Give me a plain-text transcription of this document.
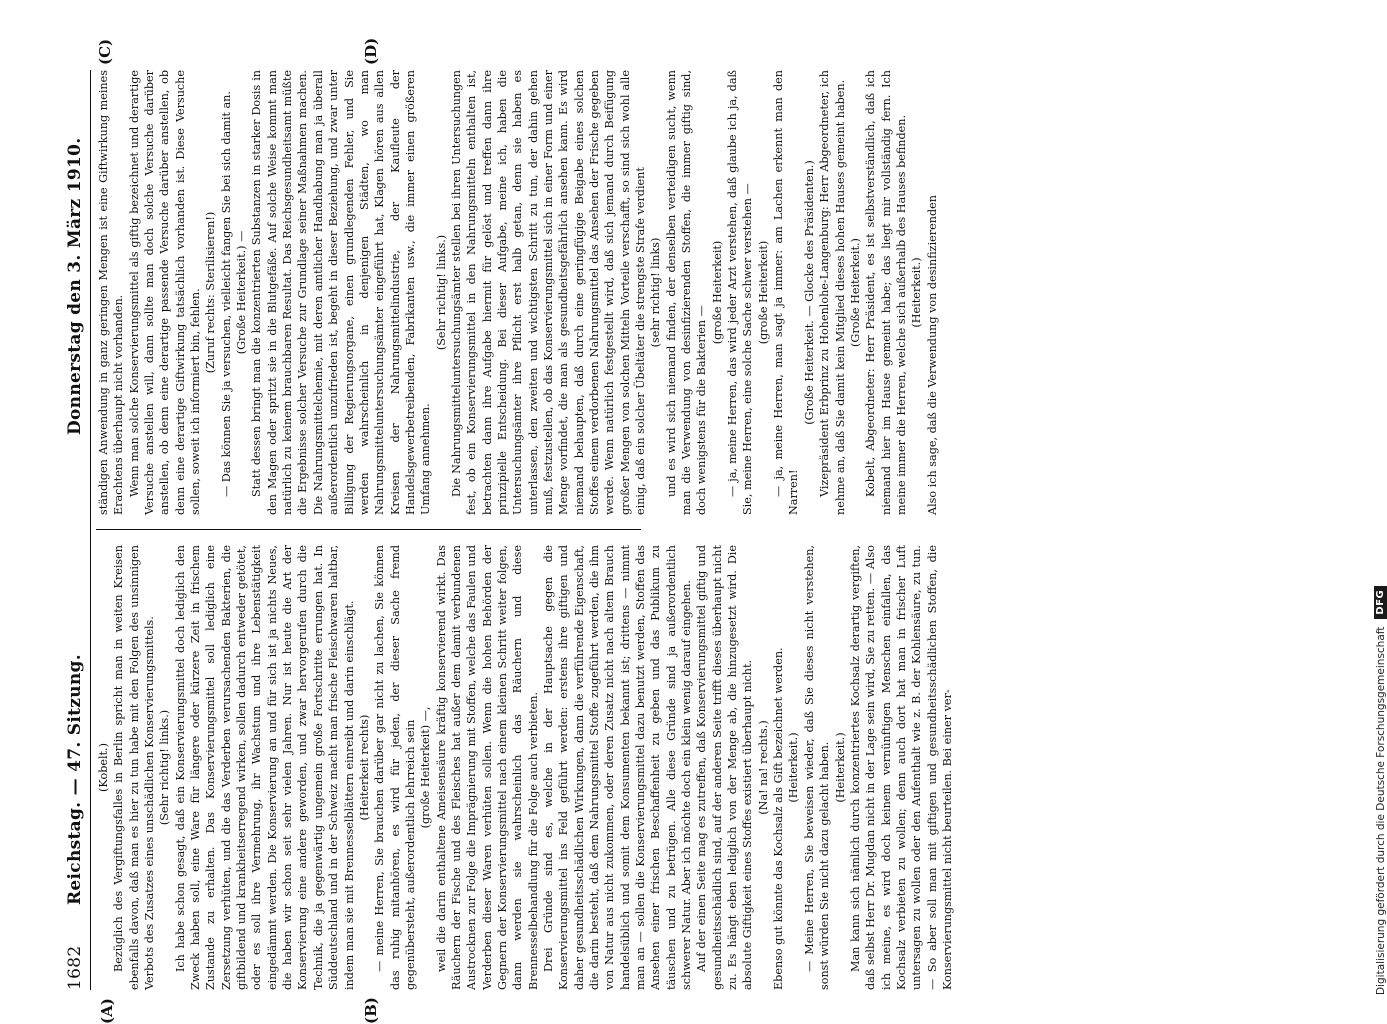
1682
Reichstag. — 47. Sitzung.
Donnerstag den 3. März 1910.
(A)	(B)
(C)	(D)

(Kobelt.) Bezüglich des Vergiftungsfalles in Berlin spricht man in weiten Kreisen ebenfalls davon, daß man es hier zu tun habe mit den Folgen des unsinnigen Verbots des Zusatzes eines unschädlichen Konservierungsmittels. (Sehr richtig! links.) Ich habe schon gesagt, daß ein Konservierungsmittel doch lediglich den Zweck haben soll, eine Ware für längere oder kürzere Zeit in frischem Zustande zu erhalten. Das Konservierungsmittel soll lediglich eine Zersetzung verhüten, und die das Verderben verursachenden Bakterien, die giftbildend und krankheitserregend wirken, sollen dadurch entweder getötet, oder es soll ihre Vermehrung, ihr Wachstum und ihre Lebenstätigkeit eingedämmt werden. Die Konservierung an und für sich ist ja nichts Neues, die haben wir schon seit sehr vielen Jahren. Nur ist heute die Art der Konservierung eine andere geworden, und zwar hervorgerufen durch die Technik, die ja gegenwärtig ungemein große Fortschritte errungen hat. In Süddeutschland und in der Schweiz macht man frische Fleischwaren haltbar, indem man sie mit Brennesselblättern einreibt und darin einschlägt. (Heiterkeit rechts) — meine Herren, Sie brauchen darüber gar nicht zu lachen, Sie können das ruhig mitanhören, es wird für jeden, der dieser Sache fremd gegenübersteht, außerordentlich lehrreich sein (große Heiterkeit) —, weil die darin enthaltene Ameisensäure kräftig konservierend wirkt. Das Räuchern der Fische und des Fleisches hat außer dem damit verbundenen Austrocknen zur Folge die Imprägnierung mit Stoffen, welche das Faulen und Verderben dieser Waren verhüten sollen. Wenn die hohen Behörden der Gegnern der Konservierungsmittel nach einem kleinen Schritt weiter folgen, dann werden sie wahrscheinlich das Räuchern und diese Brennesselbehandlung für die Folge auch verbieten. Drei Gründe sind es, welche in der Hauptsache gegen die Konservierungsmittel ins Feld geführt werden: erstens ihre giftigen und daher gesundheitsschädlichen Wirkungen, dann die verführende Eigenschaft, die darin besteht, daß dem Nahrungsmittel Stoffe zugeführt werden, die ihm von Natur aus nicht zukommen, oder deren Zusatz nicht nach altem Brauch handelsüblich und somit dem Konsumenten bekannt ist; drittens — nimmt man an — sollen die Konservierungsmittel dazu benutzt werden, Stoffen das Ansehen einer frischen Beschaffenheit zu geben und das Publikum zu täuschen und zu betrügen. Alle diese Gründe sind ja außerordentlich schwerer Natur. Aber ich möchte doch ein klein wenig darauf eingehen. Auf der einen Seite mag es zutreffen, daß Konservierungsmittel giftig und gesundheitsschädlich sind, auf der anderen Seite trifft dieses überhaupt nicht zu. Es hängt eben lediglich von der Menge ab, die hinzugesetzt wird. Die absolute Giftigkeit eines Stoffes existiert überhaupt nicht. (Na! na! rechts.) Ebenso gut könnte das Kochsalz als Gift bezeichnet werden. (Heiterkeit.) — Meine Herren, Sie beweisen wieder, daß Sie dieses nicht verstehen, sonst würden Sie nicht dazu gelacht haben. (Heiterkeit.) Man kann sich nämlich durch konzentriertes Kochsalz derartig vergiften, daß selbst Herr Dr. Mugdan nicht in der Lage sein wird, Sie zu retten. — Also ich meine, es wird doch keinem vernünftigen Menschen einfallen, das Kochsalz verbieten zu wollen; denn auch dort hat man in frischer Luft untersagen zu wollen oder den Aufenthalt wie z. B. der Kohlensäure, zu tun. — So aber soll man mit giftigen und gesundheitsschädlichen Stoffen, die Konservierungsmittel nicht beurteilen. Bei einer ver-

ständigen Anwendung in ganz geringen Mengen ist eine Giftwirkung meines Erachtens überhaupt nicht vorhanden. Wenn man solche Konservierungsmittel als giftig bezeichnet und derartige Versuche anstellen will, dann sollte man doch solche Versuche darüber anstellen, ob denn eine derartige passende Versuche darüber anstellen, ob denn eine derartige Giftwirkung tatsächlich vorhanden ist. Diese Versuche sollen, soweit ich informiert bin, fehlen. (Zuruf rechts: Sterilisieren!) — Das können Sie ja versuchen, vielleicht fangen Sie bei sich damit an. (Große Heiterkeit.) — Statt dessen bringt man die konzentrierten Substanzen in starker Dosis in den Magen oder spritzt sie in die Blutgefäße. Auf solche Weise kommt man natürlich zu keinem brauchbaren Resultat. Das Reichsgesundheitsamt müßte die Ergebnisse solcher Versuche zur Grundlage seiner Maßnahmen machen. Die Nahrungsmittelchemie, mit deren amtlicher Handhabung man ja überall außerordentlich unzufrieden ist, begeht in dieser Beziehung, und zwar unter Billigung der Regierungsorgane, einen grundlegenden Fehler, und Sie werden wahrscheinlich in denjenigen Städten, wo man Nahrungsmitteluntersuchungsämter eingeführt hat, Klagen hören aus allen Kreisen der Nahrungsmittelindustrie, der Kaufleute der Handelsgewerbetreibenden, Fabrikanten usw., die immer einen größeren Umfang annehmen.

(Sehr richtig! links.) Die Nahrungsmitteluntersuchungsämter stellen bei ihren Untersuchungen fest, ob ein Konservierungsmittel in den Nahrungsmitteln enthalten ist, betrachten dann ihre Aufgabe hiermit für gelöst und treffen dann ihre prinzipielle Entscheidung. Bei dieser Aufgabe, meine ich, haben die Untersuchungsämter ihre Pflicht erst halb getan, denn sie haben es unterlassen, den zweiten und wichtigsten Schritt zu tun, der dahin gehen muß, festzustellen, ob das Konservierungsmittel sich in einer Form und einer Menge vorfindet, die man als gesundheitsgefährlich ansehen kann. Es wird niemand behaupten, daß durch eine geringfügige Beigabe eines solchen Stoffes einem verdorbenen Nahrungsmittel das Ansehen der Frische gegeben werde. Wenn natürlich festgestellt wird, daß sich jemand durch Beifügung großer Mengen von solchen Mitteln Vorteile verschafft, so sind sich wohl alle einig, daß ein solcher Übeltäter die strengste Strafe verdient (sehr richtig! links) und es wird sich niemand finden, der denselben verteidigen sucht, wenn man die Verwendung von desinfizierenden Stoffen, die immer giftig sind, doch wenigstens für die Bakterien —

(große Heiterkeit) — ja, meine Herren, das wird jeder Arzt verstehen, daß glaube ich ja, daß Sie, meine Herren, eine solche Sache schwer verstehen — (große Heiterkeit) — ja, meine Herren, man sagt ja immer: am Lachen erkennt man den Narren!

(Große Heiterkeit. — Glocke des Präsidenten.) Vizepräsident Erbprinz zu Hohenlohe-Langenburg: Herr Abgeordneter, ich nehme an, daß Sie damit kein Mitglied dieses hohen Hauses gemeint haben. (Große Heiterkeit.) Kobelt, Abgeordneter: Herr Präsident, es ist selbstverständlich, daß ich niemand hier im Hause gemeint habe; das liegt mir vollständig fern. Ich meine immer die Herren, welche sich außerhalb des Hauses befinden. (Heiterkeit.) Also ich sage, daß die Verwendung von desinfizierenden

Digitalisierung gefördert durch die Deutsche Forschungsgemeinschaft
DFG
